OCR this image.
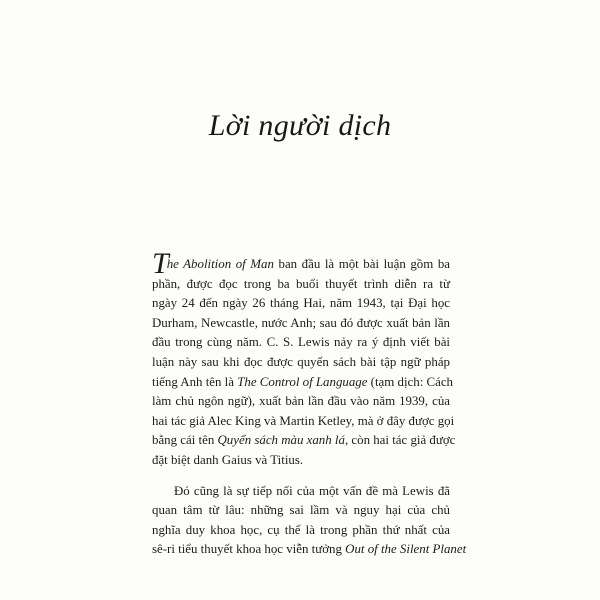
Lời người dịch
The Abolition of Man ban đầu là một bài luận gồm ba
phần, được đọc trong ba buổi thuyết trình diễn ra từ
ngày 24 đến ngày 26 tháng Hai, năm 1943, tại Đại học
Durham, Newcastle, nước Anh; sau đó được xuất bản lần
đầu trong cùng năm. C. S. Lewis nảy ra ý định viết bài
luận này sau khi đọc được quyển sách bài tập ngữ pháp
tiếng Anh tên là The Control of Language (tạm dịch: Cách
làm chủ ngôn ngữ), xuất bản lần đầu vào năm 1939, của
hai tác giả Alec King và Martin Ketley, mà ở đây được gọi
bằng cái tên Quyển sách màu xanh lá, còn hai tác giả được
đặt biệt danh Gaius và Titius.
Đó cũng là sự tiếp nối của một vấn đề mà Lewis đã
quan tâm từ lâu: những sai lầm và nguy hại của chủ
nghĩa duy khoa học, cụ thể là trong phần thứ nhất của
sê-ri tiểu thuyết khoa học viễn tưởng Out of the Silent Planet
